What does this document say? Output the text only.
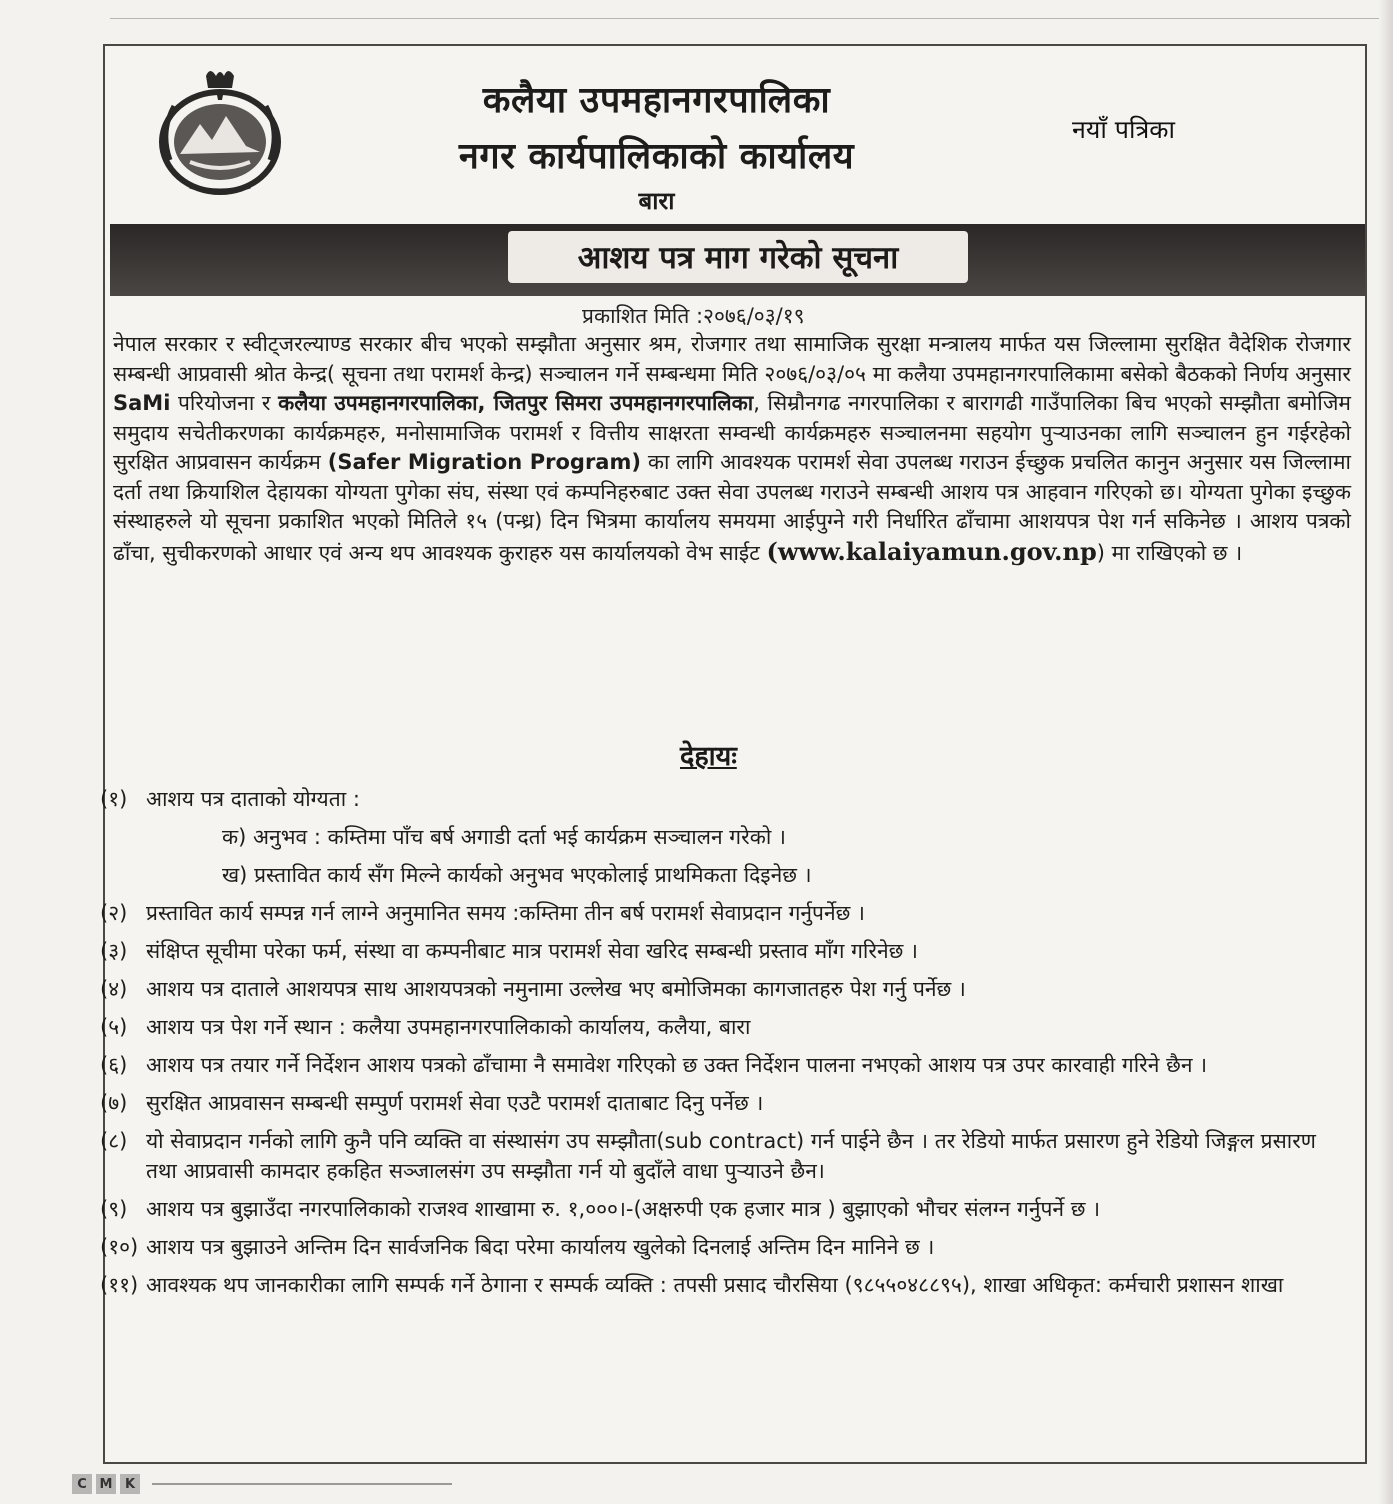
कलैया उपमहानगरपालिका
नगर कार्यपालिकाको कार्यालय
बारा
नयाँ पत्रिका
आशय पत्र माग गरेको सूचना
प्रकाशित मिति :२०७६/०३/१९

नेपाल सरकार र स्वीट्जरल्याण्ड सरकार बीच भएको सम्झौता अनुसार श्रम, रोजगार तथा सामाजिक सुरक्षा मन्त्रालय मार्फत यस जिल्लामा सुरक्षित वैदेशिक रोजगार सम्बन्धी आप्रवासी श्रोत केन्द्र( सूचना तथा परामर्श केन्द्र) सञ्चालन गर्ने सम्बन्धमा मिति २०७६/०३/०५ मा कलैया उपमहानगरपालिकामा बसेको बैठकको निर्णय अनुसार SaMi परियोजना र कलैया उपमहानगरपालिका, जितपुर सिमरा उपमहानगरपालिका, सिम्रौनगढ नगरपालिका र बारागढी गाउँपालिका बिच भएको सम्झौता बमोजिम समुदाय सचेतीकरणका कार्यक्रमहरु, मनोसामाजिक परामर्श र वित्तीय साक्षरता सम्वन्धी कार्यक्रमहरु सञ्चालनमा सहयोग पुर्‍याउनका लागि सञ्चालन हुन गईरहेको सुरक्षित आप्रवासन कार्यक्रम (Safer Migration Program) का लागि आवश्यक परामर्श सेवा उपलब्ध गराउन ईच्छुक प्रचलित कानुन अनुसार यस जिल्लामा दर्ता तथा क्रियाशिल देहायका योग्यता पुगेका संघ, संस्था एवं कम्पनिहरुबाट उक्त सेवा उपलब्ध गराउने सम्बन्धी आशय पत्र आहवान गरिएको छ। योग्यता पुगेका इच्छुक संस्थाहरुले यो सूचना प्रकाशित भएको मितिले १५ (पन्ध्र) दिन भित्रमा कार्यालय समयमा आईपुग्ने गरी निर्धारित ढाँचामा आशयपत्र पेश गर्न सकिनेछ । आशय पत्रको ढाँचा, सुचीकरणको आधार एवं अन्य थप आवश्यक कुराहरु यस कार्यालयको वेभ साईट (www.kalaiyamun.gov.np) मा राखिएको छ ।

देहायः
(१) आशय पत्र दाताको योग्यता :
क) अनुभव : कम्तिमा पाँच बर्ष अगाडी दर्ता भई कार्यक्रम सञ्चालन गरेको ।
ख) प्रस्तावित कार्य सँग मिल्ने कार्यको अनुभव भएकोलाई प्राथमिकता दिइनेछ ।
(२) प्रस्तावित कार्य सम्पन्न गर्न लाग्ने अनुमानित समय :कम्तिमा तीन बर्ष परामर्श सेवाप्रदान गर्नुपर्नेछ ।
(३) संक्षिप्त सूचीमा परेका फर्म, संस्था वा कम्पनीबाट मात्र परामर्श सेवा खरिद सम्बन्धी प्रस्ताव माँग गरिनेछ ।
(४) आशय पत्र दाताले आशयपत्र साथ आशयपत्रको नमुनामा उल्लेख भए बमोजिमका कागजातहरु पेश गर्नु पर्नेछ ।
(५) आशय पत्र पेश गर्ने स्थान : कलैया उपमहानगरपालिकाको कार्यालय, कलैया, बारा
(६) आशय पत्र तयार गर्ने निर्देशन आशय पत्रको ढाँचामा नै समावेश गरिएको छ उक्त निर्देशन पालना नभएको आशय पत्र उपर कारवाही गरिने छैन ।
(७) सुरक्षित आप्रवासन सम्बन्धी सम्पुर्ण परामर्श सेवा एउटै परामर्श दाताबाट दिनु पर्नेछ ।
(८) यो सेवाप्रदान गर्नको लागि कुनै पनि व्यक्ति वा संस्थासंग उप सम्झौता(sub contract) गर्न पाईने छैन । तर रेडियो मार्फत प्रसारण हुने रेडियो जिङ्गल प्रसारण तथा आप्रवासी कामदार हकहित सञ्जालसंग उप सम्झौता गर्न यो बुदाँले वाधा पुर्‍याउने छैन।
(९) आशय पत्र बुझाउँदा नगरपालिकाको राजश्व शाखामा रु. १,०००।-(अक्षरुपी एक हजार मात्र ) बुझाएको भौचर संलग्न गर्नुपर्ने छ ।
(१०) आशय पत्र बुझाउने अन्तिम दिन सार्वजनिक बिदा परेमा कार्यालय खुलेको दिनलाई अन्तिम दिन मानिने छ ।
(११) आवश्यक थप जानकारीका लागि सम्पर्क गर्ने ठेगाना र सम्पर्क व्यक्ति : तपसी प्रसाद चौरसिया (९८५५०४८८९५), शाखा अधिकृत: कर्मचारी प्रशासन शाखा
C M K
